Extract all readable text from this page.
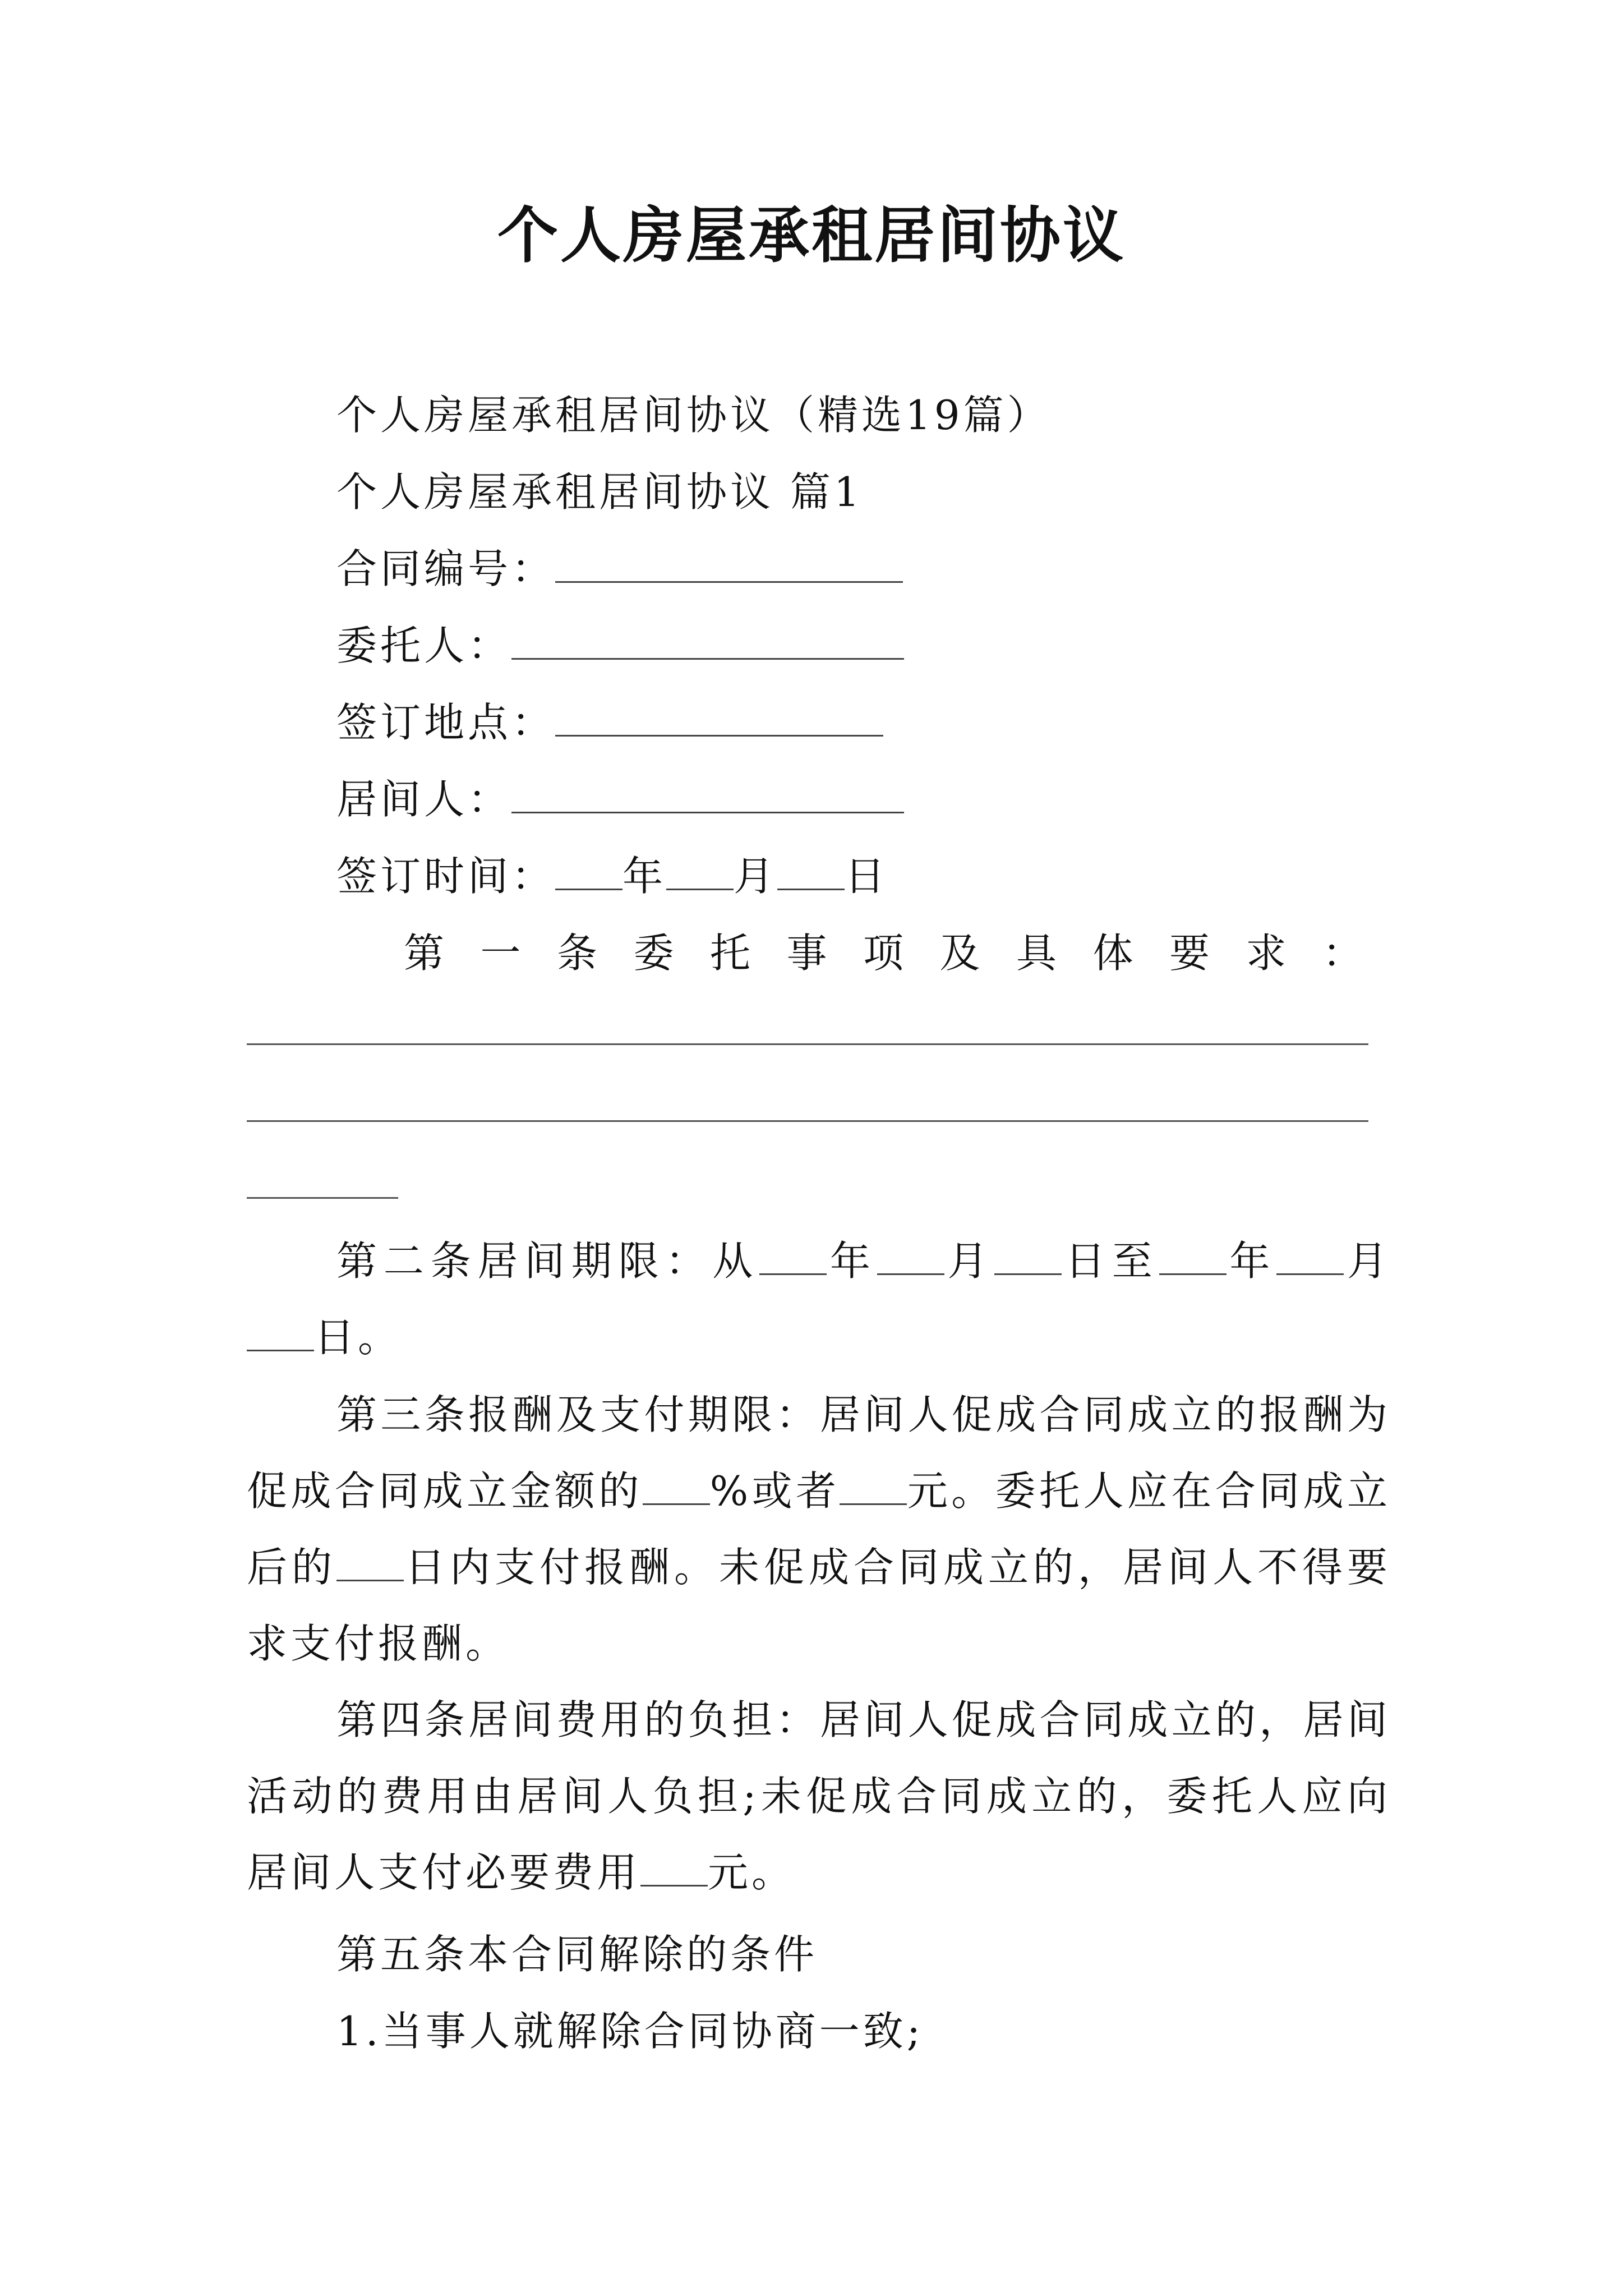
个人房屋承租居间协议
个人房屋承租居间协议（精选19篇）
个人房屋承租居间协议 篇1
合同编号：
委托人：
签订地点：
居间人：
签订时间： 年 月 日
第一条委托事项及具体要求：
第二条居间期限：从 年 月 日至 年 月日。
第三条报酬及支付期限：居间人促成合同成立的报酬为促成合同成立金额的 %或者 元。委托人应在合同成立后的 日内支付报酬。未促成合同成立的，居间人不得要求支付报酬。
第四条居间费用的负担：居间人促成合同成立的，居间活动的费用由居间人负担;未促成合同成立的，委托人应向居间人支付必要费用 元。
第五条本合同解除的条件
1.当事人就解除合同协商一致;
